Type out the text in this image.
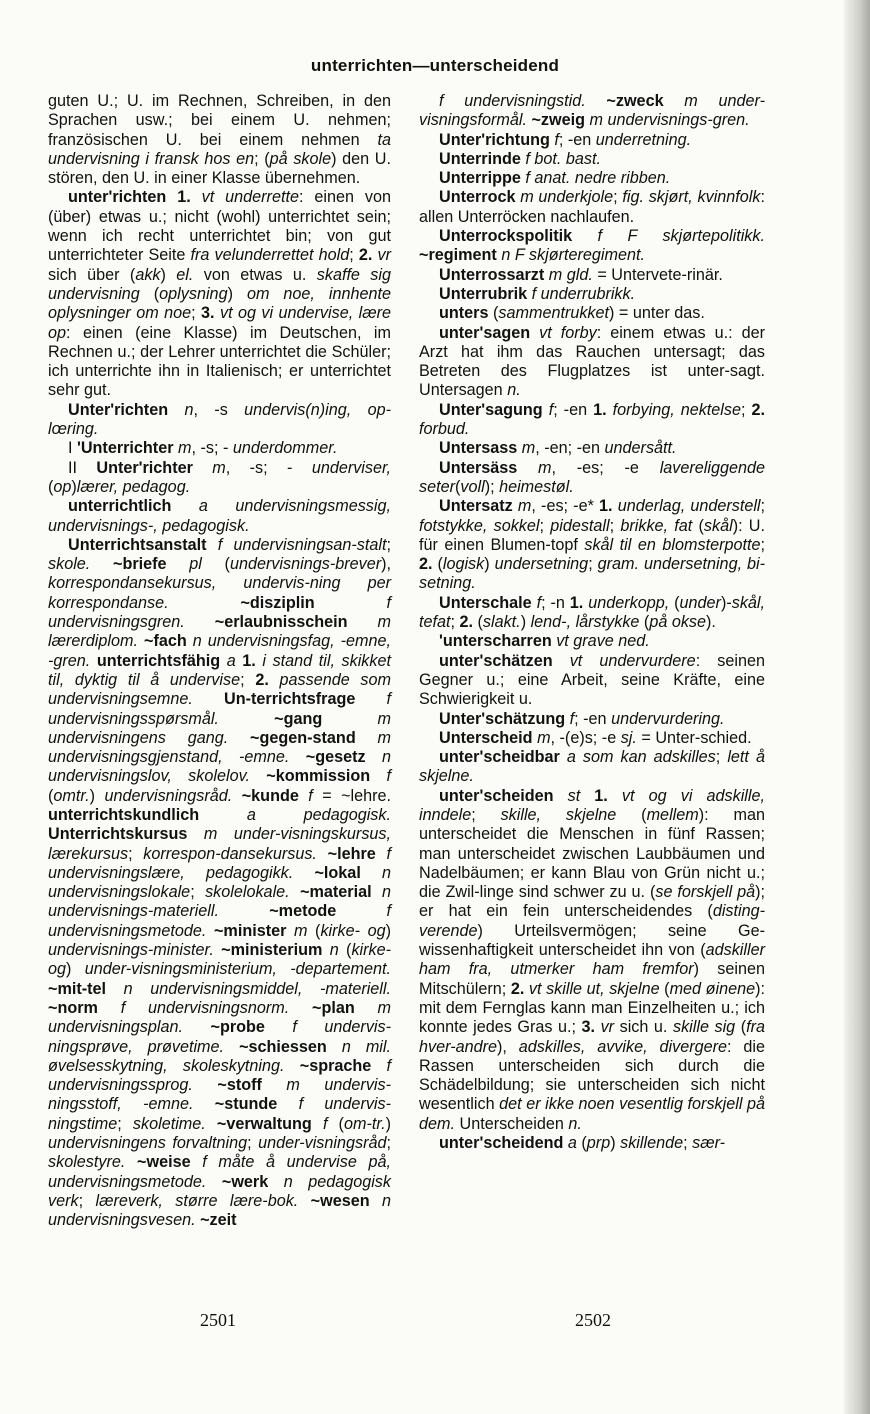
unterrichten—unterscheidend

guten U.; U. im Rechnen, Schreiben, in den Sprachen usw.; bei einem U. nehmen; französischen U. bei einem nehmen ta undervisning i fransk hos en; (på skole) den U. stören, den U. in einer Klasse übernehmen.

unter'richten 1. vt underrette: einen von (über) etwas u.; nicht (wohl) unterrichtet sein; wenn ich recht unterrichtet bin; von gut unterrichteter Seite fra velunderrettet hold; 2. vr sich über (akk) el. von etwas u. skaffe sig undervisning (oplysning) om noe, innhente oplysninger om noe; 3. vt og vi undervise, lære op: einen (eine Klasse) im Deutschen, im Rechnen u.; der Lehrer unterrichtet die Schüler; ich unterrichte ihn in Italienisch; er unterrichtet sehr gut.

Unter'richten n, -s undervis(n)ing, op-lœring.

I 'Unterrichter m, -s; - underdommer.

II Unter'richter m, -s; - underviser, (op)lærer, pedagog.

unterrichtlich a undervisningsmessig, undervisnings-, pedagogisk.

Unterrichtsanstalt f undervisningsan-stalt; skole. ~briefe pl (undervisnings-brever), korrespondansekursus, undervis-ning per korrespondanse.	~disziplin f undervisningsgren. ~erlaubnisschein m lærerdiplom. ~fach n undervisningsfag, -emne, -gren. unterrichtsfähig a 1. i stand til, skikket til, dyktig til å undervise; 2. passende som undervisningsemne. Un-terrichtsfrage f undervisningsspørsmål.	~gang m undervisningens gang. ~gegen-stand m undervisningsgjenstand, -emne. ~gesetz n undervisningslov, skolelov. ~kommission f (omtr.) undervisningsråd. ~kunde f = ~lehre. unterrichtskundlich a pedagogisk. Unterrichtskursus m under-visningskursus, lærekursus; korrespon-dansekursus. ~lehre f undervisningslære, pedagogikk. ~lokal n undervisningslokale; skolelokale. ~material n undervisnings-materiell.	~metode f undervisningsmetode. ~minister m (kirke- og) undervisnings-minister. ~ministerium n (kirke- og) under-visningsministerium, -departement. ~mit-tel n undervisningsmiddel, -materiell. ~norm f undervisningsnorm. ~plan m undervisningsplan. ~probe f undervis-ningsprøve, prøvetime. ~schiessen n mil. øvelsesskytning, skoleskytning. ~sprache f undervisningssprog. ~stoff m undervis-ningsstoff, -emne. ~stunde f undervis-ningstime; skoletime. ~verwaltung f (om-tr.) undervisningens forvaltning; under-visningsråd; skolestyre. ~weise f måte å undervise på, undervisningsmetode. ~werk n pedagogisk verk; læreverk, større lære-bok. ~wesen n undervisningsvesen. ~zeit

f undervisningstid. ~zweck m under-visningsformål. ~zweig m undervisnings-gren.

Unter'richtung f; -en underretning.

Unterrinde f bot. bast.

Unterrippe f anat. nedre ribben.

Unterrock m underkjole; fig. skjørt, kvinnfolk: allen Unterröcken nachlaufen.

Unterrockspolitik f F skjørtepolitikk. ~regiment n F skjørteregiment.

Unterrossarzt m gld. = Untervete-rinär.

Unterrubrik f underrubrikk.

unters (sammentrukket) = unter das.

unter'sagen vt forby: einem etwas u.: der Arzt hat ihm das Rauchen untersagt; das Betreten des Flugplatzes ist unter-sagt. Untersagen n.

Unter'sagung f; -en 1. forbying, nektelse; 2. forbud.

Untersass m, -en; -en undersått.

Untersäss m, -es; -e lavereliggende seter(voll); heimestøl.

Untersatz m, -es; -e* 1. underlag, understell; fotstykke, sokkel; pidestall; brikke, fat (skål): U. für einen Blumen-topf skål til en blomsterpotte; 2. (logisk) undersetning; gram. undersetning, bi-setning.

Unterschale f; -n 1. underkopp, (under)-skål, tefat; 2. (slakt.) lend-, lårstykke (på okse).

'unterscharren vt grave ned.

unter'schätzen vt undervurdere: seinen Gegner u.; eine Arbeit, seine Kräfte, eine Schwierigkeit u.

Unter'schätzung f; -en undervurdering.

Unterscheid m, -(e)s; -e sj. = Unter-schied.

unter'scheidbar a som kan adskilles; lett å skjelne.

unter'scheiden st 1. vt og vi adskille, inndele; skille, skjelne (mellem): man unterscheidet die Menschen in fünf Rassen; man unterscheidet zwischen Laubbäumen und Nadelbäumen; er kann Blau von Grün nicht u.; die Zwil-linge sind schwer zu u. (se forskjell på); er hat ein fein unterscheidendes (disting-verende) Urteilsvermögen; seine Ge-wissenhaftigkeit unterscheidet ihn von (adskiller ham fra, utmerker ham fremfor) seinen Mitschülern; 2. vt skille ut, skjelne (med øinene): mit dem Fernglas kann man Einzelheiten u.; ich konnte jedes Gras u.; 3. vr sich u. skille sig (fra hver-andre), adskilles, avvike, divergere: die Rassen unterscheiden sich durch die Schädelbildung; sie unterscheiden sich nicht wesentlich det er ikke noen vesentlig forskjell på dem. Unterscheiden n.

unter'scheidend a (prp) skillende; sær-

2501	2502
